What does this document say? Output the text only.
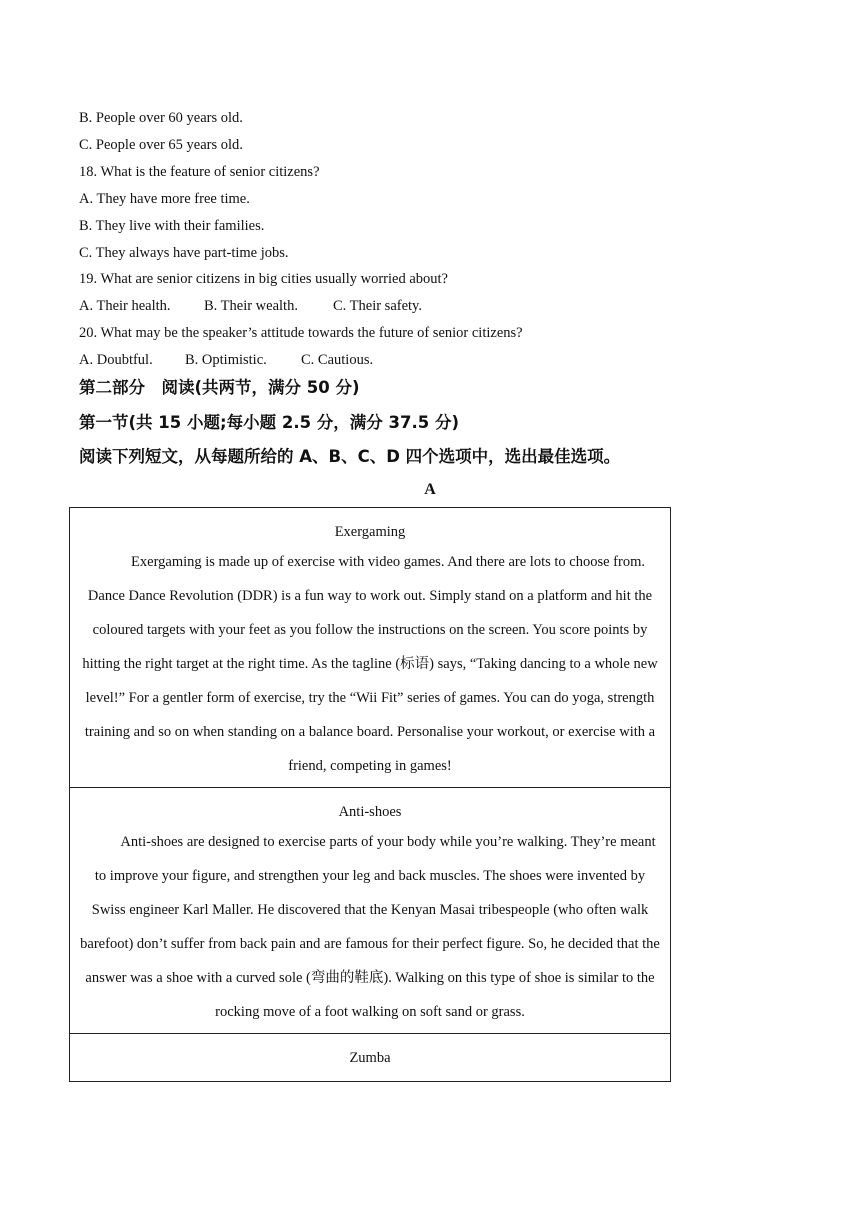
B. People over 60 years old.
C. People over 65 years old.
18. What is the feature of senior citizens?
A. They have more free time.
B. They live with their families.
C. They always have part-time jobs.
19. What are senior citizens in big cities usually worried about?
A. Their health. B. Their wealth. C. Their safety.
20. What may be the speaker’s attitude towards the future of senior citizens?
A. Doubtful. B. Optimistic. C. Cautious.
第二部分　阅读(共两节，满分 50 分)
第一节(共 15 小题;每小题 2.5 分，满分 37.5 分)
阅读下列短文，从每题所给的 A、B、C、D 四个选项中，选出最佳选项。
A
Exergaming
Exergaming is made up of exercise with video games. And there are lots to choose from. Dance Dance Revolution (DDR) is a fun way to work out. Simply stand on a platform and hit the coloured targets with your feet as you follow the instructions on the screen. You score points by hitting the right target at the right time. As the tagline (标语) says, “Taking dancing to a whole new level!” For a gentler form of exercise, try the “Wii Fit” series of games. You can do yoga, strength training and so on when standing on a balance board. Personalise your workout, or exercise with a friend, competing in games!

Anti-shoes
Anti-shoes are designed to exercise parts of your body while you’re walking. They’re meant to improve your figure, and strengthen your leg and back muscles. The shoes were invented by Swiss engineer Karl Maller. He discovered that the Kenyan Masai tribespeople (who often walk barefoot) don’t suffer from back pain and are famous for their perfect figure. So, he decided that the answer was a shoe with a curved sole (弯曲的鞋底). Walking on this type of shoe is similar to the rocking move of a foot walking on soft sand or grass.

Zumba
